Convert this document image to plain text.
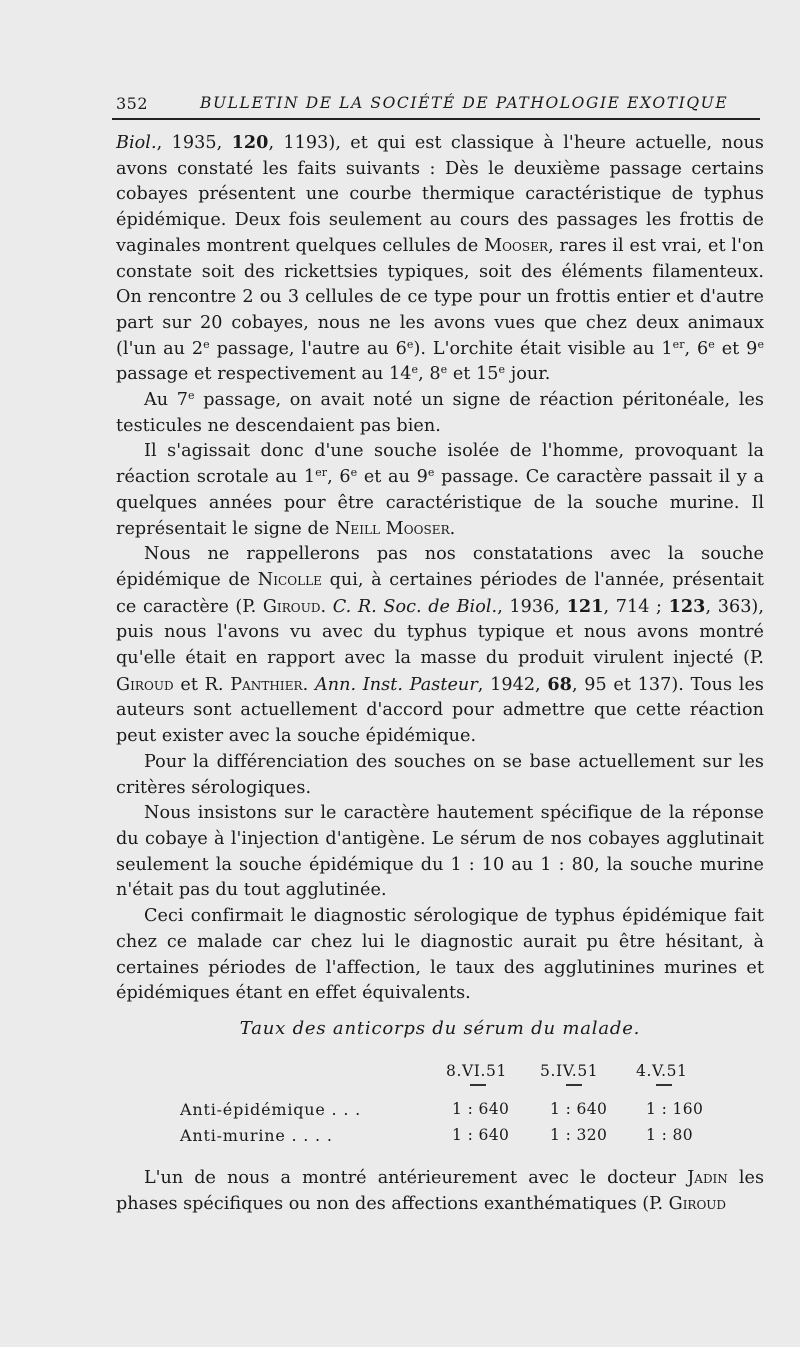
352	BULLETIN DE LA SOCIÉTÉ DE PATHOLOGIE EXOTIQUE

Biol., 1935, 120, 1193), et qui est classique à l'heure actuelle, nous avons constaté les faits suivants : Dès le deuxième passage certains cobayes présentent une courbe thermique caractéristique de typhus épidémique. Deux fois seulement au cours des passages les frottis de vaginales montrent quelques cellules de Mooser, rares il est vrai, et l'on constate soit des rickettsies typiques, soit des éléments filamenteux. On rencontre 2 ou 3 cellules de ce type pour un frottis entier et d'autre part sur 20 cobayes, nous ne les avons vues que chez deux animaux (l'un au 2e passage, l'autre au 6e). L'orchite était visible au 1er, 6e et 9e passage et respectivement au 14e, 8e et 15e jour.

Au 7e passage, on avait noté un signe de réaction péritonéale, les testicules ne descendaient pas bien.

Il s'agissait donc d'une souche isolée de l'homme, provoquant la réaction scrotale au 1er, 6e et au 9e passage. Ce caractère passait il y a quelques années pour être caractéristique de la souche murine. Il représentait le signe de Neill Mooser.

Nous ne rappellerons pas nos constatations avec la souche épidémique de Nicolle qui, à certaines périodes de l'année, présentait ce caractère (P. Giroud. C. R. Soc. de Biol., 1936, 121, 714 ; 123, 363), puis nous l'avons vu avec du typhus typique et nous avons montré qu'elle était en rapport avec la masse du produit virulent injecté (P. Giroud et R. Panthier. Ann. Inst. Pasteur, 1942, 68, 95 et 137). Tous les auteurs sont actuellement d'accord pour admettre que cette réaction peut exister avec la souche épidémique.

Pour la différenciation des souches on se base actuellement sur les critères sérologiques.

Nous insistons sur le caractère hautement spécifique de la réponse du cobaye à l'injection d'antigène. Le sérum de nos cobayes agglutinait seulement la souche épidémique du 1 : 10 au 1 : 80, la souche murine n'était pas du tout agglutinée.

Ceci confirmait le diagnostic sérologique de typhus épidémique fait chez ce malade car chez lui le diagnostic aurait pu être hésitant, à certaines périodes de l'affection, le taux des agglutinines murines et épidémiques étant en effet équivalents.

Taux des anticorps du sérum du malade.
8.VI.51 5.IV.51 4.V.51
Anti-épidémique . . .	1 : 640	1 : 640 1 : 160
Anti-murine . . . .	1 : 640	1 : 320 1 : 80

L'un de nous a montré antérieurement avec le docteur Jadin les phases spécifiques ou non des affections exanthématiques (P. Giroud
